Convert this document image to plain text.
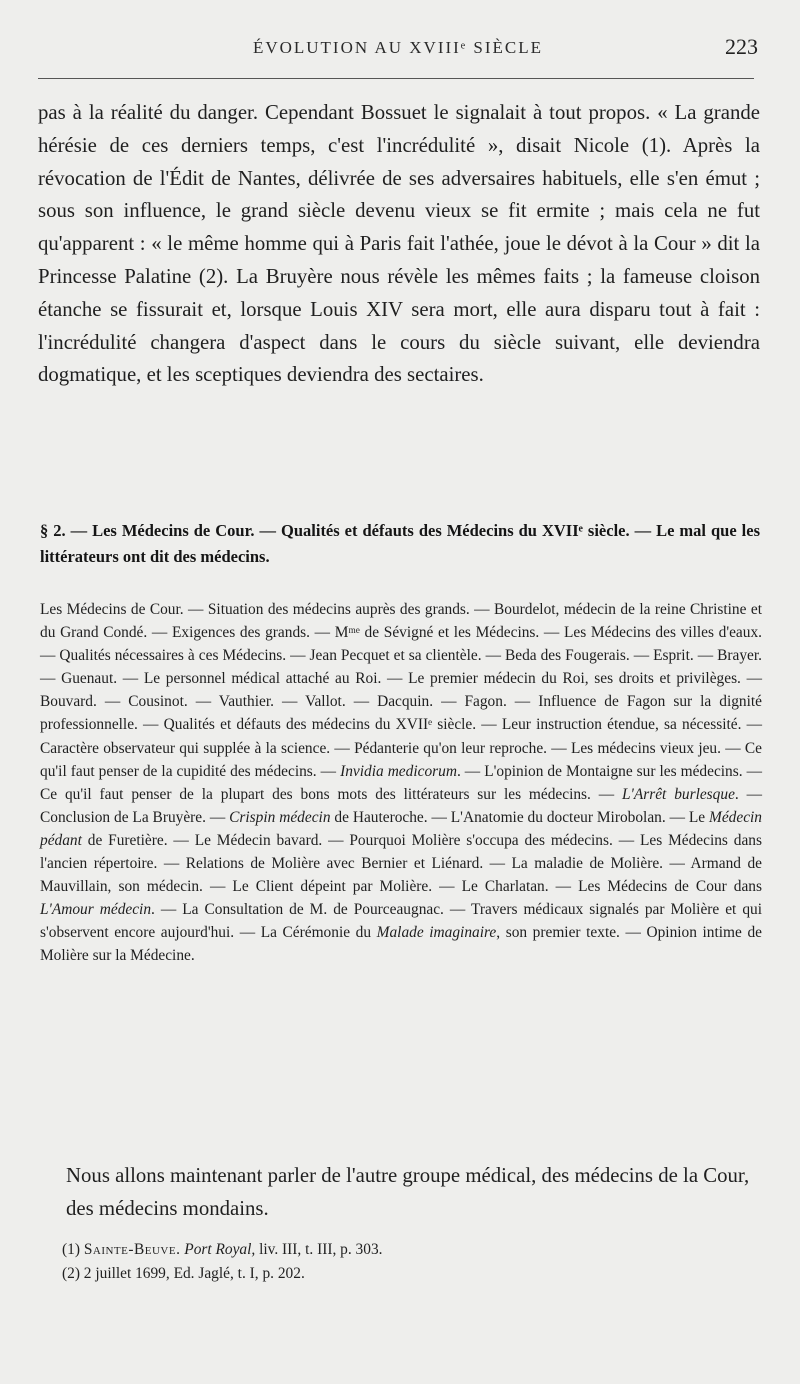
ÉVOLUTION AU XVIIIᵉ SIÈCLE	223

pas à la réalité du danger. Cependant Bossuet le signalait à tout propos. « La grande hérésie de ces derniers temps, c'est l'incrédulité », disait Nicole (1). Après la révocation de l'Édit de Nantes, délivrée de ses adversaires habituels, elle s'en émut ; sous son influence, le grand siècle devenu vieux se fit ermite ; mais cela ne fut qu'apparent : « le même homme qui à Paris fait l'athée, joue le dévot à la Cour » dit la Princesse Palatine (2). La Bruyère nous révèle les mêmes faits ; la fameuse cloison étanche se fissurait et, lorsque Louis XIV sera mort, elle aura disparu tout à fait : l'incrédulité changera d'aspect dans le cours du siècle suivant, elle deviendra dogmatique, et les sceptiques deviendra des sectaires.

§ 2. — Les Médecins de Cour. — Qualités et défauts des Médecins du XVIIᵉ siècle. — Le mal que les littérateurs ont dit des médecins.

Les Médecins de Cour. — Situation des médecins auprès des grands. — Bourdelot, médecin de la reine Christine et du Grand Condé. — Exigences des grands. — Mᵐᵉ de Sévigné et les Médecins. — Les Médecins des villes d'eaux. — Qualités nécessaires à ces Médecins. — Jean Pecquet et sa clientèle. — Beda des Fougerais. — Esprit. — Brayer. — Guenaut. — Le personnel médical attaché au Roi. — Le premier médecin du Roi, ses droits et privilèges. — Bouvard. — Cousinot. — Vauthier. — Vallot. — Dacquin. — Fagon. — Influence de Fagon sur la dignité professionnelle. — Qualités et défauts des médecins du XVIIᵉ siècle. — Leur instruction étendue, sa nécessité. — Caractère observateur qui supplée à la science. — Pédanterie qu'on leur reproche. — Les médecins vieux jeu. — Ce qu'il faut penser de la cupidité des médecins. — Invidia medicorum. — L'opinion de Montaigne sur les médecins. — Ce qu'il faut penser de la plupart des bons mots des littérateurs sur les médecins. — L'Arrêt burlesque. — Conclusion de La Bruyère. — Crispin médecin de Hauteroche. — L'Anatomie du docteur Mirobolan. — Le Médecin pédant de Furetière. — Le Médecin bavard. — Pourquoi Molière s'occupa des médecins. — Les Médecins dans l'ancien répertoire. — Relations de Molière avec Bernier et Liénard. — La maladie de Molière. — Armand de Mauvillain, son médecin. — Le Client dépeint par Molière. — Le Charlatan. — Les Médecins de Cour dans L'Amour médecin. — La Consultation de M. de Pourceaugnac. — Travers médicaux signalés par Molière et qui s'observent encore aujourd'hui. — La Cérémonie du Malade imaginaire, son premier texte. — Opinion intime de Molière sur la Médecine.

Nous allons maintenant parler de l'autre groupe médical, des médecins de la Cour, des médecins mondains.

(1) Sainte-Beuve. Port Royal, liv. III, t. III, p. 303.

(2) 2 juillet 1699, Ed. Jaglé, t. I, p. 202.
